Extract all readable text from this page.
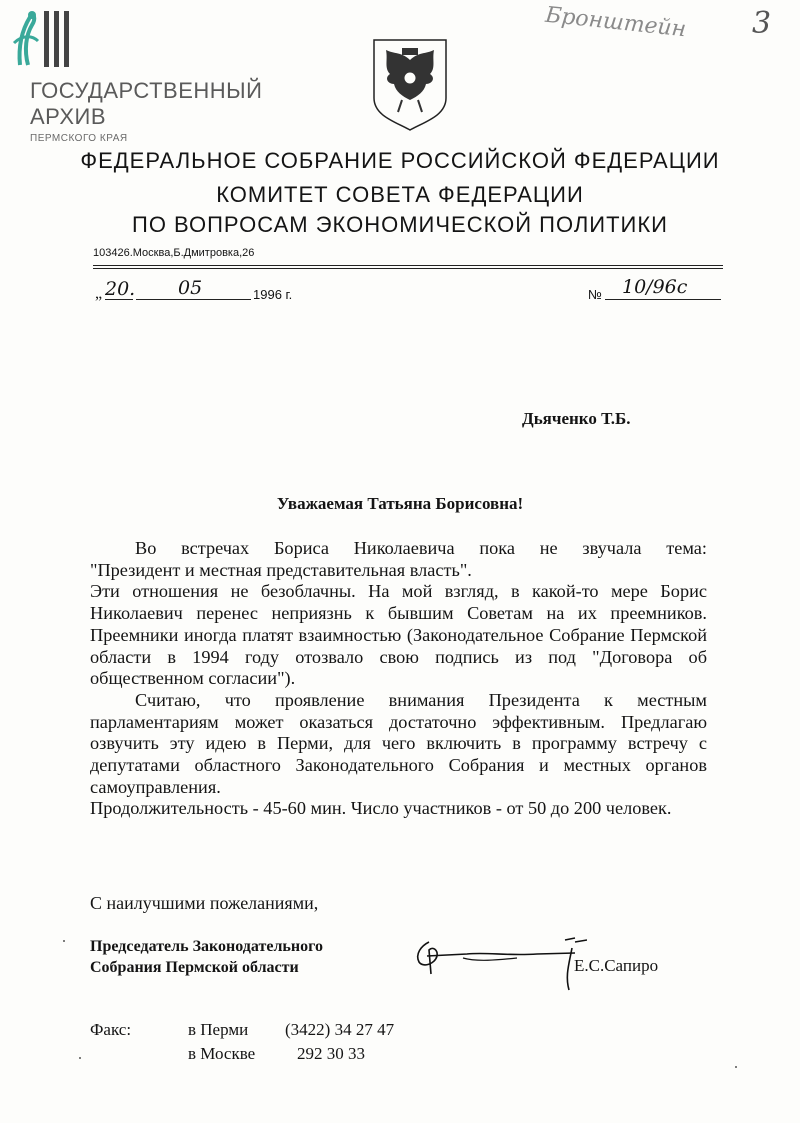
ГОСУДАРСТВЕННЫЙ
АРХИВ
ПЕРМСКОГО КРАЯ
Бронштейн 3
ФЕДЕРАЛЬНОЕ СОБРАНИЕ РОССИЙСКОЙ ФЕДЕРАЦИИ
КОМИТЕТ СОВЕТА ФЕДЕРАЦИИ
ПО ВОПРОСАМ ЭКОНОМИЧЕСКОЙ ПОЛИТИКИ
103426.Москва,Б.Дмитровка,26
„ 20. 05	1996 г.	№ 10/96с
Дьяченко Т.Б.
Уважаемая Татьяна Борисовна!

Во встречах Бориса Николаевича пока не звучала тема:

"Президент и местная представительная власть".

Эти отношения не безоблачны. На мой взгляд, в какой-то мере Борис Николаевич перенес неприязнь к бывшим Советам на их преемников. Преемники иногда платят взаимностью (Законодательное Собрание Пермской области в 1994 году отозвало свою подпись из под "Договора об общественном согласии").

Считаю, что проявление внимания Президента к местным парламентариям может оказаться достаточно эффективным. Предлагаю озвучить эту идею в Перми, для чего включить в программу встречу с депутатами областного Законодательного Собрания и местных органов самоуправления.

Продолжительность - 45-60 мин. Число участников - от 50 до 200 человек.

С наилучшими пожеланиями,
Председатель Законодательного
Собрания Пермской области	Е.С.Сапиро
Факс:	в Перми (3422) 34 27 47
в Москве 292 30 33
